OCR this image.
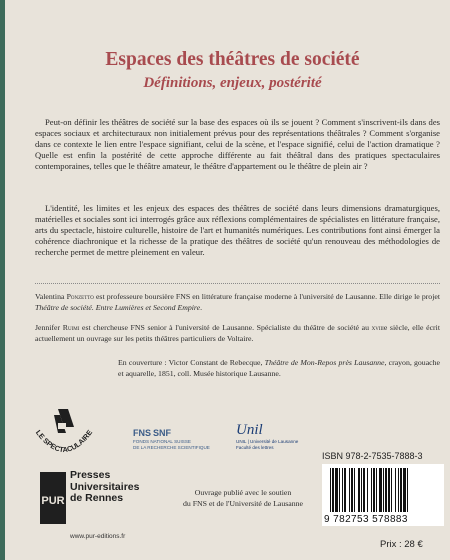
Espaces des théâtres de société
Définitions, enjeux, postérité

Peut-on définir les théâtres de société sur la base des espaces où ils se jouent ? Comment s'inscrivent-ils dans des espaces sociaux et architecturaux non initialement prévus pour des représentations théâtrales ? Comment s'organise dans ce contexte le lien entre l'espace signifiant, celui de la scène, et l'espace signifié, celui de l'action dramatique ? Quelle est enfin la postérité de cette approche différente au fait théâtral dans des pratiques spectaculaires contemporaines, telles que le théâtre amateur, le théâtre d'appartement ou le théâtre de plein air ?

L'identité, les limites et les enjeux des espaces des théâtres de société dans leurs dimensions dramaturgiques, matérielles et sociales sont ici interrogés grâce aux réflexions complémentaires de spécialistes en littérature française, arts du spectacle, histoire culturelle, histoire de l'art et humanités numériques. Les contributions font ainsi émerger la cohérence diachronique et la richesse de la pratique des théâtres de société qu'un renouveau des méthodologies de recherche permet de mettre pleinement en valeur.

Valentina Ponzetto est professeure boursière FNS en littérature française moderne à l'université de Lausanne. Elle dirige le projet Théâtre de société. Entre Lumières et Second Empire.

Jennifer Ruimi est chercheuse FNS senior à l'université de Lausanne. Spécialiste du théâtre de société au xviiie siècle, elle écrit actuellement un ouvrage sur les petits théâtres particuliers de Voltaire.

En couverture : Victor Constant de Rebecque, Théâtre de Mon-Repos près Lausanne, crayon, gouache et aquarelle, 1851, coll. Musée historique Lausanne.

LE SPECTACULAIRE
PUR
Presses
Universitaires
de Rennes
www.pur-editions.fr
FNS SNF
FONDS NATIONAL SUISSE
DE LA RECHERCHE SCIENTIFIQUE
Unil
UNIL | Université de Lausanne
Faculté des lettres

Ouvrage publié avec le soutien
du FNS et de l'Université de Lausanne

ISBN 978-2-7535-7888-3
9 782753 578883
Prix : 28 €
